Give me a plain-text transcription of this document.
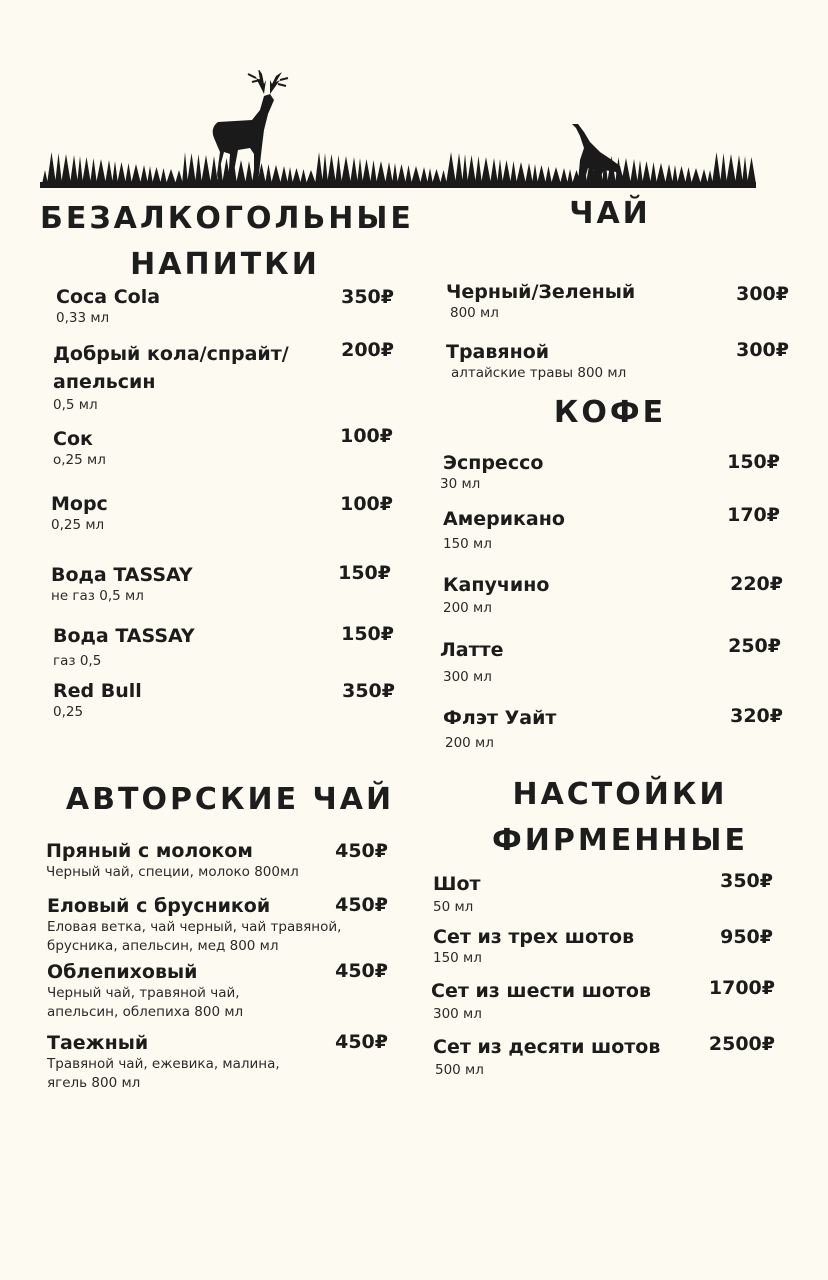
БЕЗАЛКОГОЛЬНЫЕ НАПИТКИ
ЧАЙ
КОФЕ
АВТОРСКИЕ ЧАЙ	НАСТОЙКИ ФИРМЕННЫЕ
Coca Cola
0,33 мл
350₽
Добрый кола/спрайт/ апельсин
0,5 мл
200₽
Сок
о,25 мл
100₽
Морс
0,25 мл
100₽
Вода TASSAY
не газ 0,5 мл
150₽
Вода TASSAY
газ 0,5
150₽
Red Bull
0,25
350₽
Черный/Зеленый
800 мл
300₽
Травяной
алтайские травы 800 мл
300₽
Эспрессо
30 мл
150₽
Американо
150 мл
170₽
Капучино
200 мл
220₽
Латте
300 мл
250₽
Флэт Уайт
200 мл
320₽
Пряный с молоком
Черный чай, специи, молоко 800мл
450₽
Еловый с брусникой
Еловая ветка, чай черный, чай травяной,
брусника, апельсин, мед 800 мл
450₽
Облепиховый
Черный чай, травяной чай,
апельсин, облепиха 800 мл
450₽
Таежный
Травяной чай, ежевика, малина,
ягель 800 мл
450₽
Шот
50 мл
350₽
Сет из трех шотов
150 мл
950₽
Сет из шести шотов
300 мл
1700₽
Сет из десяти шотов
500 мл
2500₽
